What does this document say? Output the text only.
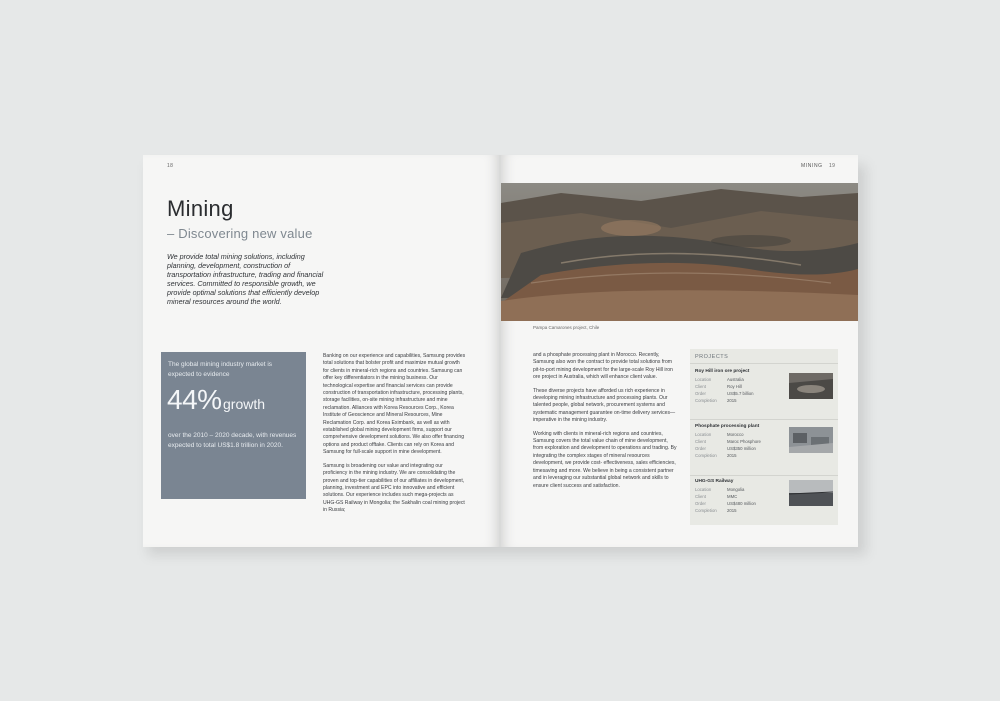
18
Mining
– Discovering new value
We provide total mining solutions, including planning, development, construction of transportation infrastructure, trading and financial services. Committed to responsible growth, we provide optimal solutions that efficiently develop mineral resources around the world.
The global mining industry market is expected to evidence
44% growth
over the 2010 – 2020 decade, with revenues expected to total US$1.8 trillion in 2020.

Banking on our experience and capabilities, Samsung provides total solutions that bolster profit and maximize mutual growth for clients in mineral-rich regions and countries. Samsung can offer key differentiators in the mining business. Our technological expertise and financial services can provide construction of transportation infrastructure, processing plants, storage facilities, on-site mining infrastructure and mine reclamation. Alliances with Korea Resources Corp., Korea Institute of Geoscience and Mineral Resources, Mine Reclamation Corp. and Korea Eximbank, as well as with established global mining development firms, support our comprehensive development solutions. We also offer financing options and product offtake. Clients can rely on Korea and Samsung for full-scale support in mine development.

Samsung is broadening our value and integrating our proficiency in the mining industry. We are consolidating the proven and top-tier capabilities of our affiliates in development, planning, investment and EPC into innovative and efficient solutions. Our experience includes such mega-projects as UHG-GS Railway in Mongolia; the Sakhalin coal mining project in Russia;

MINING 19
Pampa Camarones project, Chile

and a phosphate processing plant in Morocco. Recently, Samsung also won the contract to provide total solutions from pit-to-port mining development for the large-scale Roy Hill iron ore project in Australia, which will enhance client value.

These diverse projects have afforded us rich experience in developing mining infrastructure and processing plants. Our talented people, global network, procurement systems and systematic management guarantee on-time delivery services—imperative in the mining industry.

Working with clients in mineral-rich regions and countries, Samsung covers the total value chain of mine development, from exploration and development to operations and trading. By integrating the complex stages of mineral resources development, we provide cost- effectiveness, sales efficiencies, timesaving and more. We believe in being a consistent partner and in leveraging our substantial global network and skills to ensure client success and satisfaction.

PROJECTS
Roy Hill iron ore project
Location
Client
Order
Completion
Australia
Roy Hill
US$5.7 billion
2015
Phosphate processing plant
Location
Client
Order
Completion
Morocco
Maroc Phosphore
US$350 million
2015
UHG-GS Railway
Location
Client
Order
Completion
Mongolia
MMC
US$480 million
2015
